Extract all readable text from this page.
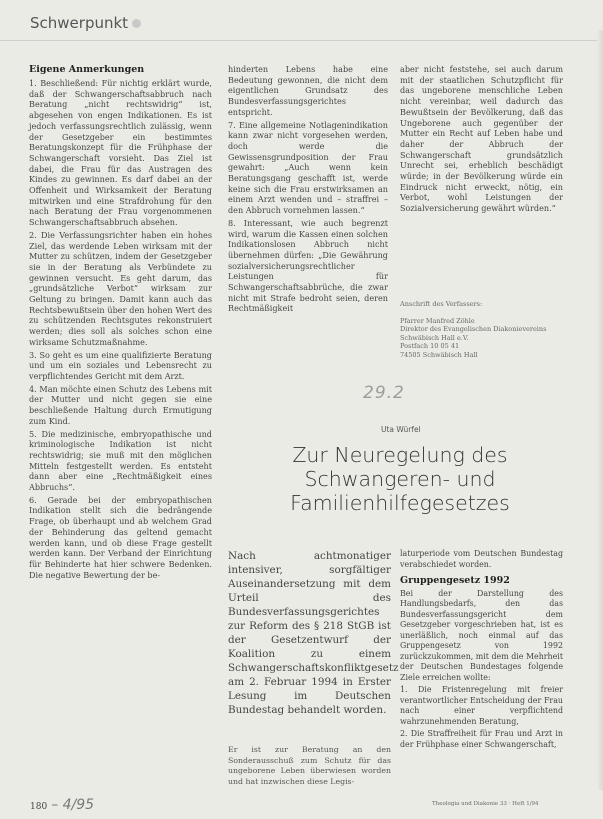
Schwerpunkt
Eigene Anmerkungen

1. Beschließend: Für nichtig erklärt wurde, daß der Schwangerschaftsabbruch nach Beratung „nicht rechtswidrig“ ist, abgesehen von engen Indikationen. Es ist jedoch verfassungsrechtlich zulässig, wenn der Gesetzgeber ein bestimmtes Beratungskonzept für die Frühphase der Schwangerschaft vorsieht. Das Ziel ist dabei, die Frau für das Austragen des Kindes zu gewinnen. Es darf dabei an der Offenheit und Wirksamkeit der Beratung mitwirken und eine Strafdrohung für den nach Beratung der Frau vorgenommenen Schwangerschaftsabbruch absehen.

2. Die Verfassungsrichter haben ein hohes Ziel, das werdende Leben wirksam mit der Mutter zu schützen, indem der Gesetzgeber sie in der Beratung als Verbündete zu gewinnen versucht. Es geht darum, das „grundsätzliche Verbot“ wirksam zur Geltung zu bringen. Damit kann auch das Rechtsbewußtsein über den hohen Wert des zu schützenden Rechtsgutes rekonstruiert werden; dies soll als solches schon eine wirksame Schutzmaßnahme.

3. So geht es um eine qualifizierte Beratung und um ein soziales und Lebensrecht zu verpflichtendes Gericht mit dem Arzt.

4. Man möchte einen Schutz des Lebens mit der Mutter und nicht gegen sie eine beschließende Haltung durch Ermutigung zum Kind.

5. Die medizinische, embryopathische und kriminologische Indikation ist nicht rechtswidrig; sie muß mit den möglichen Mitteln festgestellt werden. Es entsteht dann aber eine „Rechtmäßigkeit eines Abbruchs“.

6. Gerade bei der embryopathischen Indikation stellt sich die bedrängende Frage, ob überhaupt und ab welchem Grad der Behinderung das geltend gemacht werden kann, und ob diese Frage gestellt werden kann. Der Verband der Einrichtung für Behinderte hat hier schwere Bedenken. Die negative Bewertung der be-

hinderten Lebens habe eine Bedeutung gewonnen, die nicht dem eigentlichen Grundsatz des Bundesverfassungsgerichtes entspricht.

7. Eine allgemeine Notlagenindikation kann zwar nicht vorgesehen werden, doch werde die Gewissensgrundposition der Frau gewahrt: „Auch wenn kein Beratungsgang geschafft ist, werde keine sich die Frau erstwirksamen an einem Arzt wenden und – straffrei – den Abbruch vornehmen lassen.“

8. Interessant, wie auch begrenzt wird, warum die Kassen einen solchen Indikationslosen Abbruch nicht übernehmen dürfen: „Die Gewährung sozialversicherungsrechtlicher Leistungen für Schwangerschaftsabbrüche, die zwar nicht mit Strafe bedroht seien, deren Rechtmäßigkeit

aber nicht feststehe, sei auch darum mit der staatlichen Schutzpflicht für das ungeborene menschliche Leben nicht vereinbar, weil dadurch das Bewußtsein der Bevölkerung, daß das Ungeborene auch gegenüber der Mutter ein Recht auf Leben habe und daher der Abbruch der Schwangerschaft grundsätzlich Unrecht sei, erheblich beschädigt würde; in der Bevölkerung würde ein Eindruck nicht erweckt, nötig, ein Verbot, wohl Leistungen der Sozialversicherung gewährt würden.“

Anschrift des Verfassers:
Pfarrer Manfred Zöhle
Direktor des Evangelischen Diakonievereins
Schwäbisch Hall e.V.
Postfach 10 05 41
74505 Schwäbisch Hall
29.2
Uta Würfel
Zur Neuregelung des Schwangeren- und Familienhilfegesetzes
Nach achtmonatiger intensiver, sorgfältiger Auseinandersetzung mit dem Urteil des Bundesverfassungsgerichtes zur Reform des § 218 StGB ist der Gesetzentwurf der Koalition zu einem Schwangerschaftskonfliktgesetz am 2. Februar 1994 in Erster Lesung im Deutschen Bundestag behandelt worden.
Er ist zur Beratung an den Sonderausschuß zum Schutz für das ungeborene Leben überwiesen worden und hat inzwischen diese Legis-

laturperiode vom Deutschen Bundestag verabschiedet worden.

Gruppengesetz 1992

Bei der Darstellung des Handlungsbedarfs, den das Bundesverfassungsgericht dem Gesetzgeber vorgeschrieben hat, ist es unerläßlich, noch einmal auf das Gruppengesetz von 1992 zurückzukommen, mit dem die Mehrheit der Deutschen Bundestages folgende Ziele erreichen wollte:

1. Die Fristenregelung mit freier verantwortlicher Entscheidung der Frau nach einer verpflichtend wahrzunehmenden Beratung,

2. Die Straffreiheit für Frau und Arzt in der Frühphase einer Schwangerschaft,

180 – 4/95	Theologia und Diakonie 33 · Heft 1/94
